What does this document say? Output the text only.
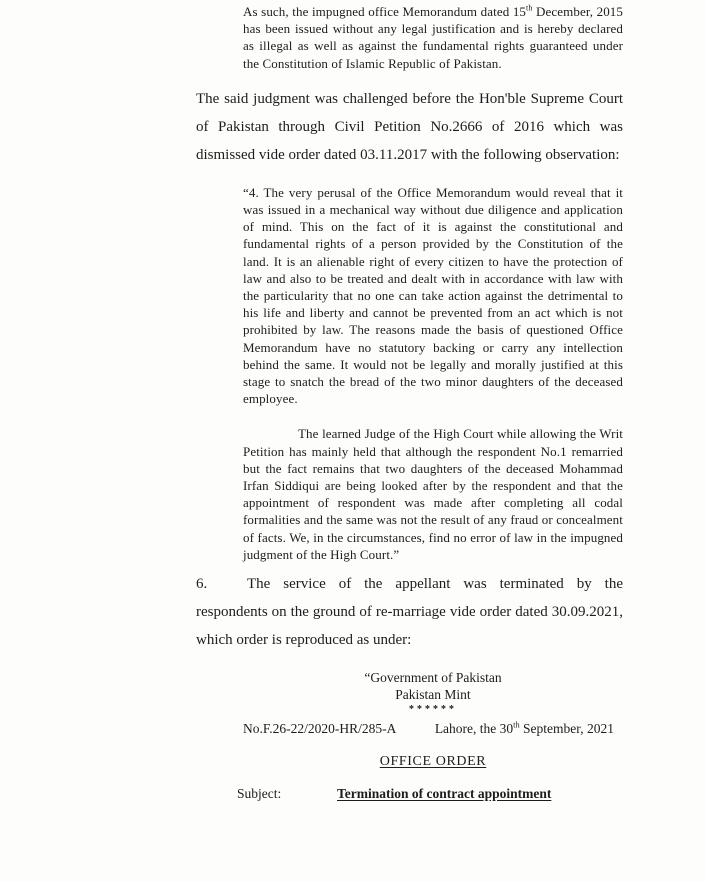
As such, the impugned office Memorandum dated 15th December, 2015 has been issued without any legal justification and is hereby declared as illegal as well as against the fundamental rights guaranteed under the Constitution of Islamic Republic of Pakistan.

The said judgment was challenged before the Hon'ble Supreme Court of Pakistan through Civil Petition No.2666 of 2016 which was dismissed vide order dated 03.11.2017 with the following observation:

“4. The very perusal of the Office Memorandum would reveal that it was issued in a mechanical way without due diligence and application of mind. This on the fact of it is against the constitutional and fundamental rights of a person provided by the Constitution of the land. It is an alienable right of every citizen to have the protection of law and also to be treated and dealt with in accordance with law with the particularity that no one can take action against the detrimental to his life and liberty and cannot be prevented from an act which is not prohibited by law. The reasons made the basis of questioned Office Memorandum have no statutory backing or carry any intellection behind the same. It would not be legally and morally justified at this stage to snatch the bread of the two minor daughters of the deceased employee.
The learned Judge of the High Court while allowing the Writ Petition has mainly held that although the respondent No.1 remarried but the fact remains that two daughters of the deceased Mohammad Irfan Siddiqui are being looked after by the respondent and that the appointment of respondent was made after completing all codal formalities and the same was not the result of any fraud or concealment of facts. We, in the circumstances, find no error of law in the impugned judgment of the High Court.”

6.	The service of the appellant was terminated by the respondents on the ground of re-marriage vide order dated 30.09.2021, which order is reproduced as under:

“Government of Pakistan
Pakistan Mint
******
No.F.26-22/2020-HR/285-A	Lahore, the 30th September, 2021
OFFICE ORDER
Subject:	Termination of contract appointment
